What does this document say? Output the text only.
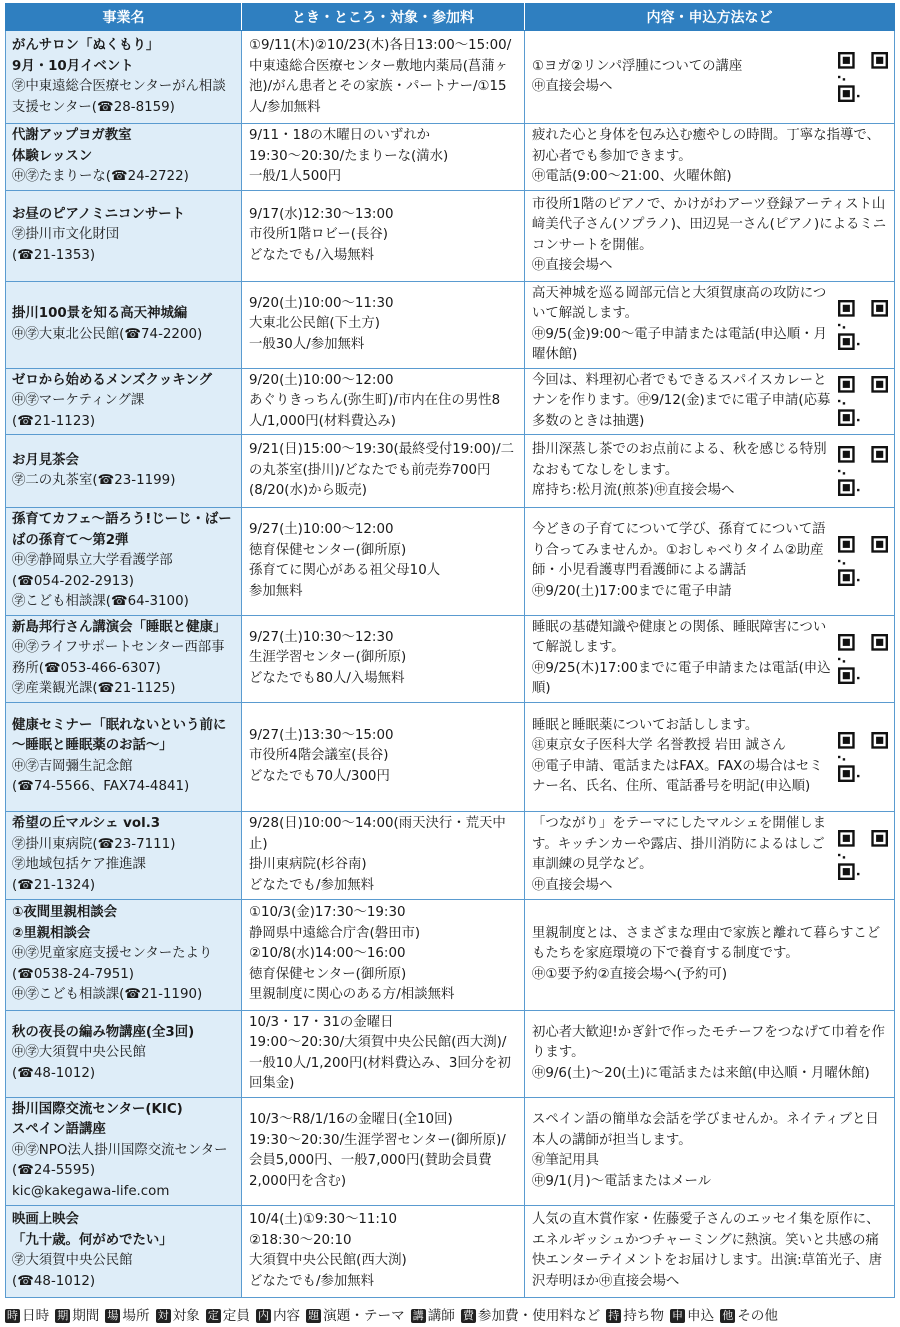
事業名	とき・ところ・対象・参加料	内容・申込方法など

がんサロン「ぬくもり」
9月・10月イベント
㊫中東遠総合医療センターがん相談支援センター(☎28-8159)	①9/11(木)②10/23(木)各日13:00～15:00/中東遠総合医療センター敷地内薬局(菖蒲ヶ池)/がん患者とその家族・パートナー/①15人/参加無料	①ヨガ②リンパ浮腫についての講座
㊥直接会場へ

代謝アップヨガ教室
体験レッスン
㊥㊫たまりーな(☎24-2722)	9/11・18の木曜日のいずれか
19:30～20:30/たまりーな(満水)
一般/1人500円	疲れた心と身体を包み込む癒やしの時間。丁寧な指導で、初心者でも参加できます。
㊥電話(9:00～21:00、火曜休館)

お昼のピアノミニコンサート
㊫掛川市文化財団
(☎21-1353)	9/17(水)12:30～13:00
市役所1階ロビー(長谷)
どなたでも/入場無料	市役所1階のピアノで、かけがわアーツ登録アーティスト山﨑美代子さん(ソプラノ)、田辺晃一さん(ピアノ)によるミニコンサートを開催。
㊥直接会場へ

掛川100景を知る高天神城編
㊥㊫大東北公民館(☎74-2200)	9/20(土)10:00～11:30
大東北公民館(下土方)
一般30人/参加無料	高天神城を巡る岡部元信と大須賀康高の攻防について解説します。
㊥9/5(金)9:00～電子申請または電話(申込順・月曜休館)

ゼロから始めるメンズクッキング
㊥㊫マーケティング課
(☎21-1123)	9/20(土)10:00～12:00
あぐりきっちん(弥生町)/市内在住の男性8人/1,000円(材料費込み)	今回は、料理初心者でもできるスパイスカレーとナンを作ります。㊥9/12(金)までに電子申請(応募多数のときは抽選)

お月見茶会
㊫二の丸茶室(☎23-1199)	9/21(日)15:00～19:30(最終受付19:00)/二の丸茶室(掛川)/どなたでも前売券700円(8/20(水)から販売)	掛川深蒸し茶でのお点前による、秋を感じる特別なおもてなしをします。
席持ち:松月流(煎茶)㊥直接会場へ

孫育てカフェ～語ろう!じーじ・ばーばの孫育て～第2弾
㊥㊫静岡県立大学看護学部
(☎054-202-2913)
㊫こども相談課(☎64-3100)	9/27(土)10:00～12:00
徳育保健センター(御所原)
孫育てに関心がある祖父母10人
参加無料	今どきの子育てについて学び、孫育てについて語り合ってみませんか。①おしゃべりタイム②助産師・小児看護専門看護師による講話
㊥9/20(土)17:00までに電子申請

新島邦行さん講演会「睡眠と健康」
㊥㊫ライフサポートセンター西部事務所(☎053-466-6307)
㊫産業観光課(☎21-1125)	9/27(土)10:30～12:30
生涯学習センター(御所原)
どなたでも80人/入場無料	睡眠の基礎知識や健康との関係、睡眠障害について解説します。
㊥9/25(木)17:00までに電子申請または電話(申込順)

健康セミナー「眠れないという前に～睡眠と睡眠薬のお話～」
㊥㊫吉岡彌生記念館
(☎74-5566、FAX74-4841)	9/27(土)13:30～15:00
市役所4階会議室(長谷)
どなたでも70人/300円	睡眠と睡眠薬についてお話しします。
㊟東京女子医科大学 名誉教授 岩田 誠さん
㊥電子申請、電話またはFAX。FAXの場合はセミナー名、氏名、住所、電話番号を明記(申込順)

希望の丘マルシェ vol.3
㊫掛川東病院(☎23-7111)
㊫地域包括ケア推進課
(☎21-1324)	9/28(日)10:00～14:00(雨天決行・荒天中止)
掛川東病院(杉谷南)
どなたでも/参加無料	「つながり」をテーマにしたマルシェを開催します。キッチンカーや露店、掛川消防によるはしご車訓練の見学など。
㊥直接会場へ

①夜間里親相談会
②里親相談会
㊥㊫児童家庭支援センターたより(☎0538-24-7951)
㊥㊫こども相談課(☎21-1190)	①10/3(金)17:30～19:30
静岡県中遠総合庁舎(磐田市)
②10/8(水)14:00～16:00
徳育保健センター(御所原)
里親制度に関心のある方/相談無料	里親制度とは、さまざまな理由で家族と離れて暮らすこどもたちを家庭環境の下で養育する制度です。
㊥①要予約②直接会場へ(予約可)

秋の夜長の編み物講座(全3回)
㊥㊫大須賀中央公民館
(☎48-1012)	10/3・17・31の金曜日
19:00～20:30/大須賀中央公民館(西大渕)/一般10人/1,200円(材料費込み、3回分を初回集金)	初心者大歓迎!かぎ針で作ったモチーフをつなげて巾着を作ります。
㊥9/6(土)～20(土)に電話または来館(申込順・月曜休館)

掛川国際交流センター(KIC)
スペイン語講座
㊥㊫NPO法人掛川国際交流センター(☎24-5595)
kic@kakegawa-life.com	10/3～R8/1/16の金曜日(全10回)
19:30～20:30/生涯学習センター(御所原)/会員5,000円、一般7,000円(賛助会員費2,000円を含む)	スペイン語の簡単な会話を学びませんか。ネイティブと日本人の講師が担当します。
㊒筆記用具
㊥9/1(月)～電話またはメール

映画上映会
「九十歳。何がめでたい」
㊫大須賀中央公民館
(☎48-1012)	10/4(土)①9:30～11:10
②18:30～20:10
大須賀中央公民館(西大渕)
どなたでも/参加無料	人気の直木賞作家・佐藤愛子さんのエッセイ集を原作に、エネルギッシュかつチャーミングに熱演。笑いと共感の痛快エンターテイメントをお届けします。出演:草笛光子、唐沢寿明ほか㊥直接会場へ
時 日時 期 期間 場 場所 対 対象 定 定員 内 内容 題 演題・テーマ 講 講師 費 参加費・使用料など 持 持ち物 申 申込 他 その他
